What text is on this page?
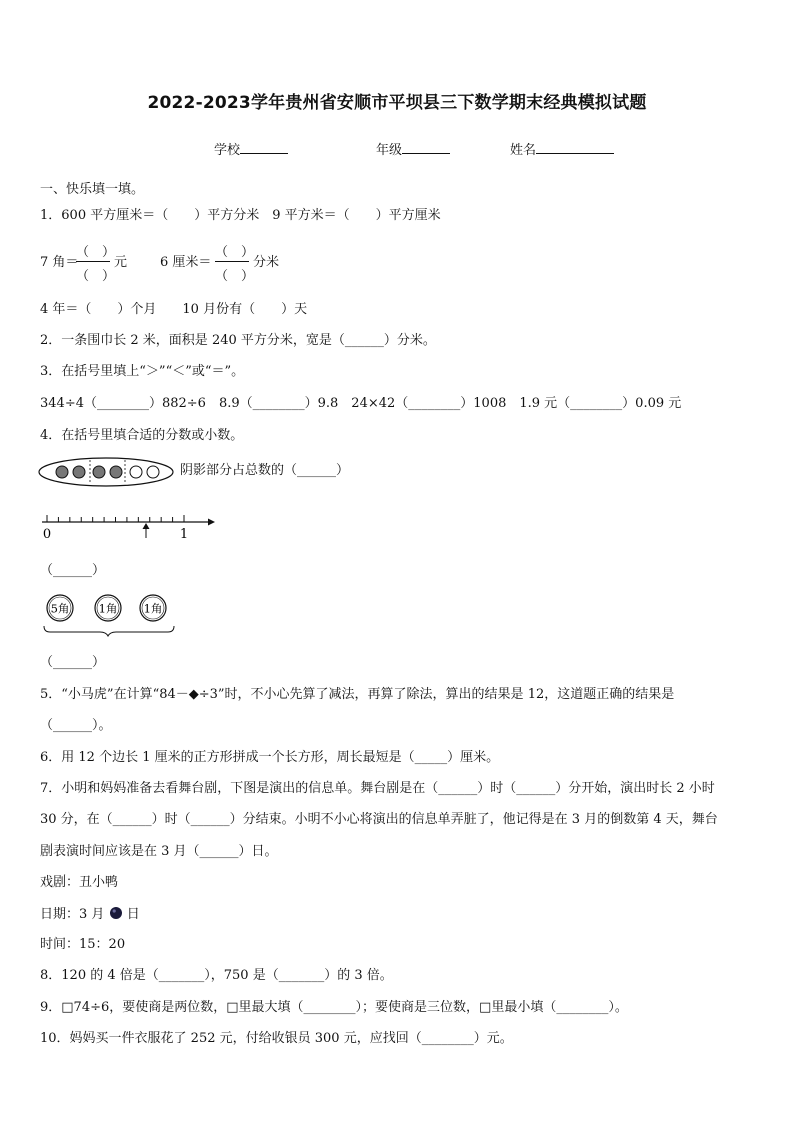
2022-2023学年贵州省安顺市平坝县三下数学期末经典模拟试题
学校	年级	姓名
一、快乐填一填。
1．600 平方厘米＝（　　）平方分米　9 平方米＝（　　）平方厘米
7 角＝
（　）
（　）
元	6 厘米＝
（　）
（　）
分米
4 年＝（　　）个月　　10 月份有（　　）天
2．一条围巾长 2 米，面积是 240 平方分米，宽是（______）分米。
3．在括号里填上“＞”“＜”或“＝”。
344÷4（________）882÷6　8.9（________）9.8　24×42（________）1008　1.9 元（________）0.09 元
4．在括号里填合适的分数或小数。
阴影部分占总数的（______）
0	1
（______）
5角	1角 1角
（______）
5．“小马虎”在计算“84－◆÷3”时，不小心先算了减法，再算了除法，算出的结果是 12，这道题正确的结果是
（______）。
6．用 12 个边长 1 厘米的正方形拼成一个长方形，周长最短是（_____）厘米。
7．小明和妈妈准备去看舞台剧，下图是演出的信息单。舞台剧是在（______）时（______）分开始，演出时长 2 小时
30 分，在（______）时（______）分结束。小明不小心将演出的信息单弄脏了，他记得是在 3 月的倒数第 4 天，舞台
剧表演时间应该是在 3 月（______）日。
戏剧：丑小鸭
日期：3 月 日
时间：15：20
8．120 的 4 倍是（_______），750 是（_______）的 3 倍。
9．□74÷6，要使商是两位数，□里最大填（________）；要使商是三位数，□里最小填（________）。
10．妈妈买一件衣服花了 252 元，付给收银员 300 元，应找回（________）元。
